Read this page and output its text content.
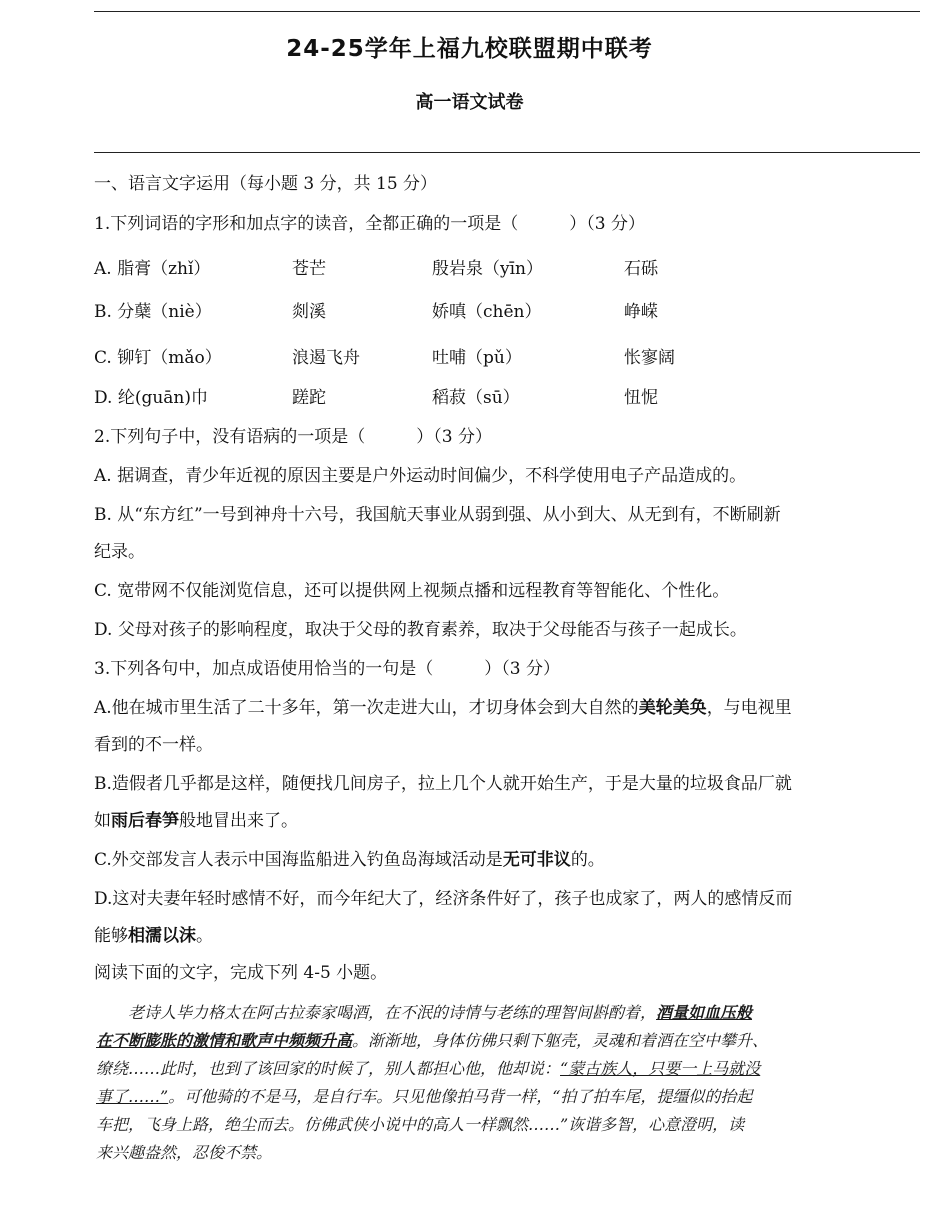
24-25学年上福九校联盟期中联考
高一语文试卷
一、语言文字运用（每小题 3 分，共 15 分）
1.下列词语的字形和加点字的读音，全都正确的一项是（　　　）（3 分）
A. 脂膏（zhǐ）	苍芒	殷岩泉（yīn）	石砾
B. 分蘖（niè）	剡溪	娇嗔（chēn）	峥嵘
C. 铆钉（mǎo）	浪遏飞舟	吐哺（pǔ）	怅寥阔
D. 纶(guān)巾	蹉跎	稻菽（sū）	忸怩
2.下列句子中，没有语病的一项是（　　　）（3 分）
A. 据调查，青少年近视的原因主要是户外运动时间偏少，不科学使用电子产品造成的。
B. 从“东方红”一号到神舟十六号，我国航天事业从弱到强、从小到大、从无到有，不断刷新
纪录。
C. 宽带网不仅能浏览信息，还可以提供网上视频点播和远程教育等智能化、个性化。
D. 父母对孩子的影响程度，取决于父母的教育素养，取决于父母能否与孩子一起成长。
3.下列各句中，加点成语使用恰当的一句是（　　　）（3 分）
A.他在城市里生活了二十多年，第一次走进大山，才切身体会到大自然的美轮美奂，与电视里
看到的不一样。
B.造假者几乎都是这样，随便找几间房子，拉上几个人就开始生产，于是大量的垃圾食品厂就
如雨后春笋般地冒出来了。
C.外交部发言人表示中国海监船进入钓鱼岛海域活动是无可非议的。
D.这对夫妻年轻时感情不好，而今年纪大了，经济条件好了，孩子也成家了，两人的感情反而
能够相濡以沫。
阅读下面的文字，完成下列 4-5 小题。
　　老诗人毕力格太在阿古拉泰家喝酒，在不泯的诗情与老练的理智间斟酌着，酒量如血压般
在不断膨胀的激情和歌声中频频升高。渐渐地，身体仿佛只剩下躯壳，灵魂和着酒在空中攀升、
缭绕……此时，也到了该回家的时候了，别人都担心他，他却说：“蒙古族人，只要一上马就没
事了……”。可他骑的不是马，是自行车。只见他像拍马背一样，“拍了拍车尾，提缰似的抬起
车把，飞身上路，绝尘而去。仿佛武侠小说中的高人一样飘然……”诙谐多智，心意澄明，读
来兴趣盎然，忍俊不禁。
